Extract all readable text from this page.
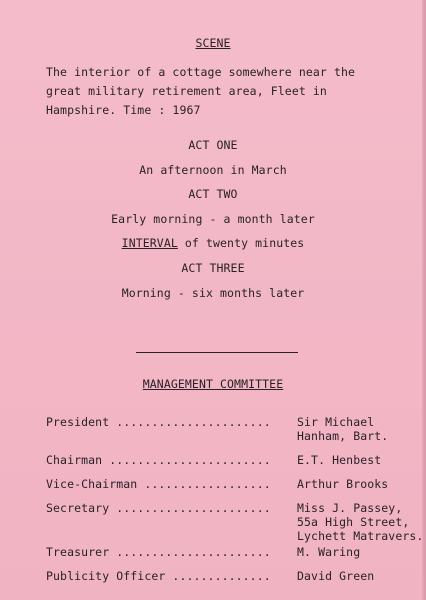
SCENE
The interior of a cottage somewhere near the
great military retirement area, Fleet in
Hampshire. Time : 1967
ACT ONE
An afternoon in March
ACT TWO
Early morning - a month later
INTERVAL of twenty minutes
ACT THREE
Morning - six months later
MANAGEMENT COMMITTEE
President ...................... Sir Michael
Hanham, Bart.
Chairman ....................... E.T. Henbest
Vice-Chairman .................. Arthur Brooks
Secretary ...................... Miss J. Passey,
55a High Street,
Lychett Matravers.
Treasurer ...................... M. Waring
Publicity Officer .............. David Green
